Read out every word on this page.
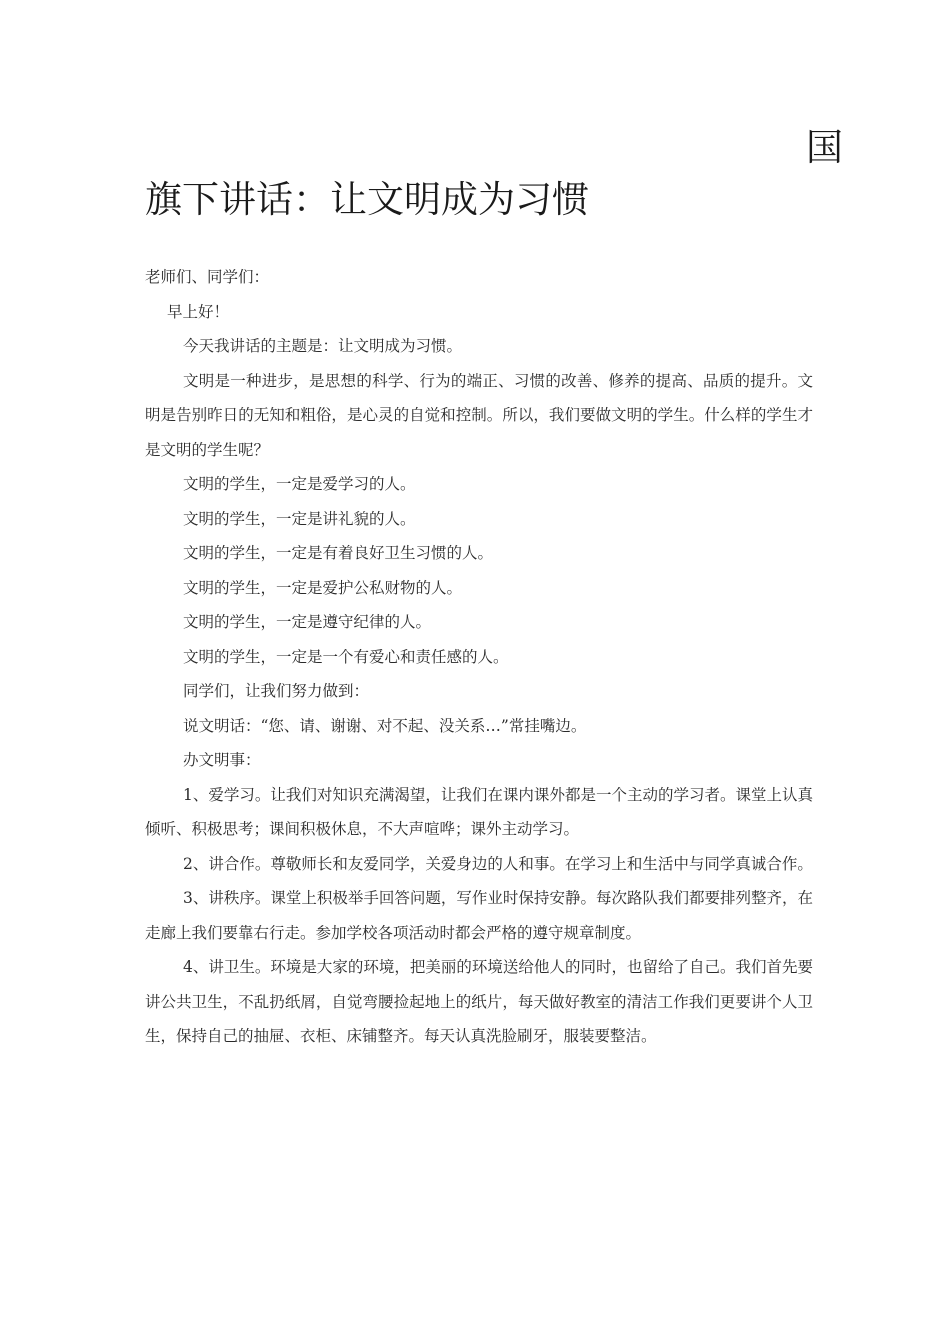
国
旗下讲话：让文明成为习惯
老师们、同学们：
早上好！
今天我讲话的主题是：让文明成为习惯。
文明是一种进步，是思想的科学、行为的端正、习惯的改善、修养的提高、品质的提升。文明是告别昨日的无知和粗俗，是心灵的自觉和控制。所以，我们要做文明的学生。什么样的学生才是文明的学生呢？
文明的学生，一定是爱学习的人。
文明的学生，一定是讲礼貌的人。
文明的学生，一定是有着良好卫生习惯的人。
文明的学生，一定是爱护公私财物的人。
文明的学生，一定是遵守纪律的人。
文明的学生，一定是一个有爱心和责任感的人。
同学们，让我们努力做到：
说文明话：“您、请、谢谢、对不起、没关系…”常挂嘴边。
办文明事：
1、爱学习。让我们对知识充满渴望，让我们在课内课外都是一个主动的学习者。课堂上认真倾听、积极思考；课间积极休息，不大声喧哗；课外主动学习。
2、讲合作。尊敬师长和友爱同学，关爱身边的人和事。在学习上和生活中与同学真诚合作。
3、讲秩序。课堂上积极举手回答问题，写作业时保持安静。每次路队我们都要排列整齐，在走廊上我们要靠右行走。参加学校各项活动时都会严格的遵守规章制度。
4、讲卫生。环境是大家的环境，把美丽的环境送给他人的同时，也留给了自己。我们首先要讲公共卫生，不乱扔纸屑，自觉弯腰捡起地上的纸片，每天做好教室的清洁工作我们更要讲个人卫生，保持自己的抽屉、衣柜、床铺整齐。每天认真洗脸刷牙，服装要整洁。
